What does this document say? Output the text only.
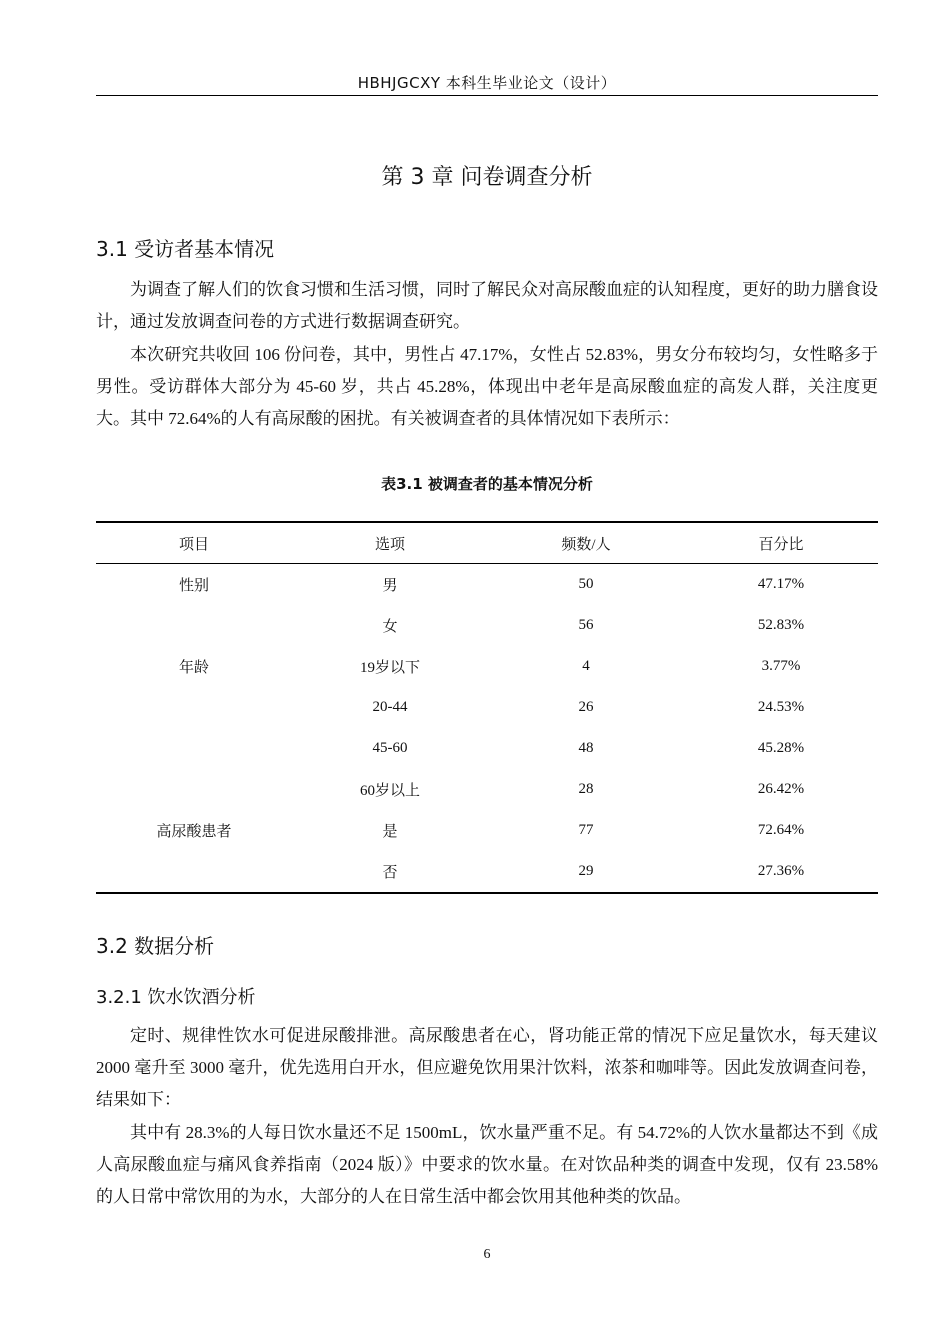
HBHJGCXY 本科生毕业论文（设计）
第 3 章 问卷调查分析
3.1 受访者基本情况
为调查了解人们的饮食习惯和生活习惯，同时了解民众对高尿酸血症的认知程度，更好的助力膳食设计，通过发放调查问卷的方式进行数据调查研究。
本次研究共收回 106 份问卷，其中，男性占 47.17%，女性占 52.83%，男女分布较均匀，女性略多于男性。受访群体大部分为 45-60 岁，共占 45.28%，体现出中老年是高尿酸血症的高发人群，关注度更大。其中 72.64%的人有高尿酸的困扰。有关被调查者的具体情况如下表所示：
表3.1 被调查者的基本情况分析
项目	选项	频数/人	百分比
性别	男	50	47.17%
	女	56	52.83%
年龄	19岁以下	4	3.77%
	20-44	26	24.53%
	45-60	48	45.28%
	60岁以上	28	26.42%
高尿酸患者	是	77	72.64%
	否	29	27.36%
3.2 数据分析
3.2.1 饮水饮酒分析
定时、规律性饮水可促进尿酸排泄。高尿酸患者在心，肾功能正常的情况下应足量饮水，每天建议 2000 毫升至 3000 毫升，优先选用白开水，但应避免饮用果汁饮料，浓茶和咖啡等。因此发放调查问卷，结果如下：
其中有 28.3%的人每日饮水量还不足 1500mL，饮水量严重不足。有 54.72%的人饮水量都达不到《成人高尿酸血症与痛风食养指南（2024 版）》中要求的饮水量。在对饮品种类的调查中发现，仅有 23.58%的人日常中常饮用的为水，大部分的人在日常生活中都会饮用其他种类的饮品。
6
